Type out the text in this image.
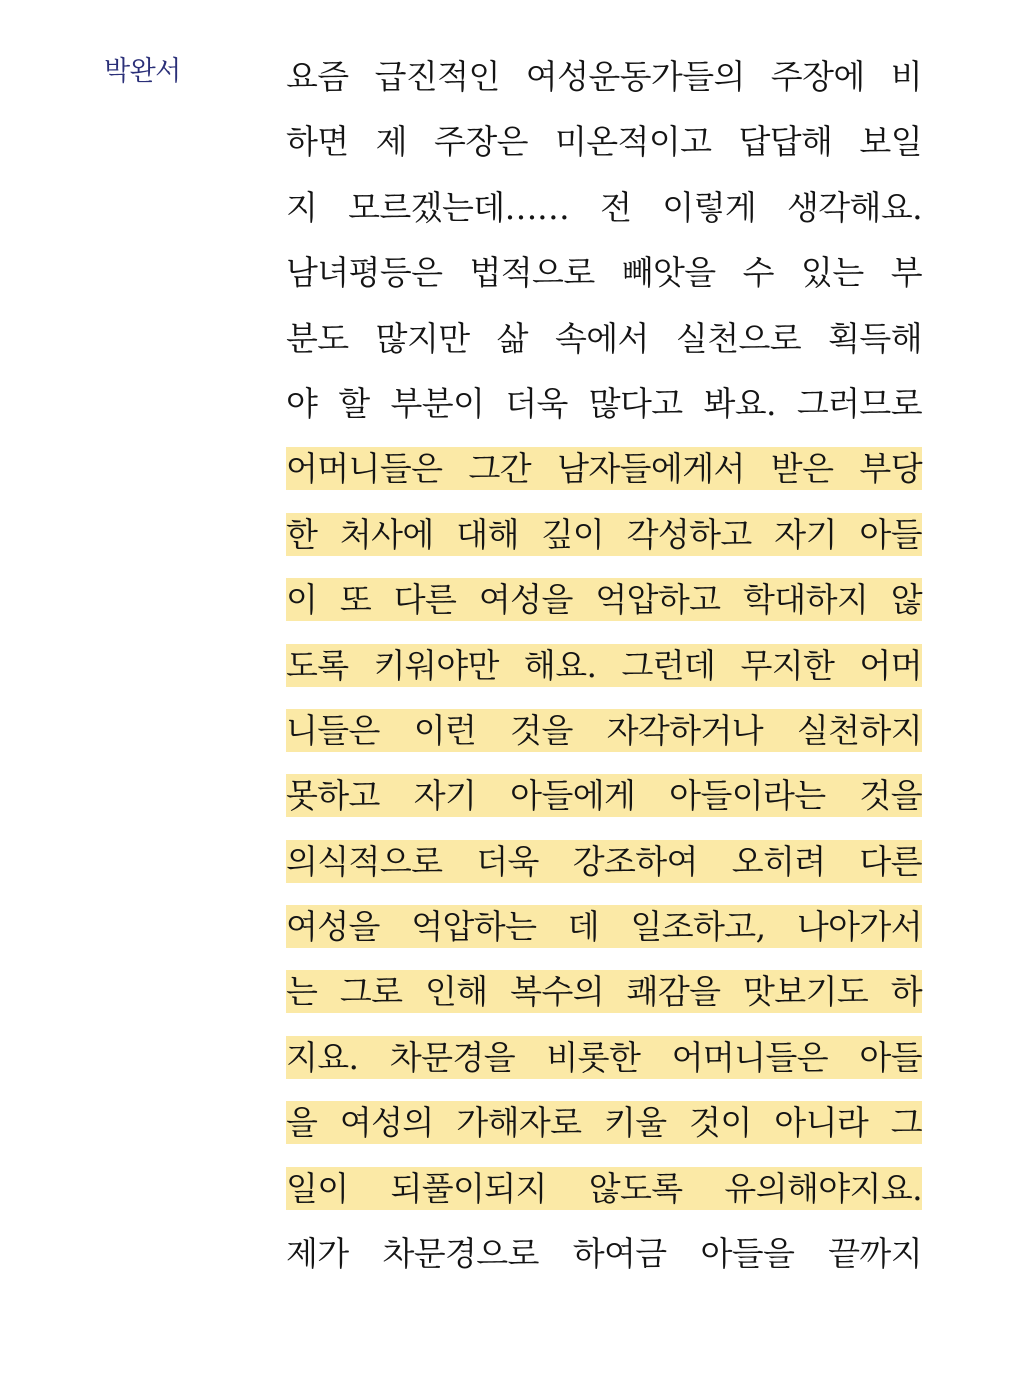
박완서	요즘 급진적인 여성운동가들의 주장에 비
하면 제 주장은 미온적이고 답답해 보일
지 모르겠는데…… 전 이렇게 생각해요.
남녀평등은 법적으로 빼앗을 수 있는 부
분도 많지만 삶 속에서 실천으로 획득해
야 할 부분이 더욱 많다고 봐요. 그러므로
어머니들은 그간 남자들에게서 받은 부당
한 처사에 대해 깊이 각성하고 자기 아들
이 또 다른 여성을 억압하고 학대하지 않
도록 키워야만 해요. 그런데 무지한 어머
니들은 이런 것을 자각하거나 실천하지
못하고 자기 아들에게 아들이라는 것을
의식적으로 더욱 강조하여 오히려 다른
여성을 억압하는 데 일조하고, 나아가서
는 그로 인해 복수의 쾌감을 맛보기도 하
지요. 차문경을 비롯한 어머니들은 아들
을 여성의 가해자로 키울 것이 아니라 그
일이 되풀이되지 않도록 유의해야지요.
제가 차문경으로 하여금 아들을 끝까지
